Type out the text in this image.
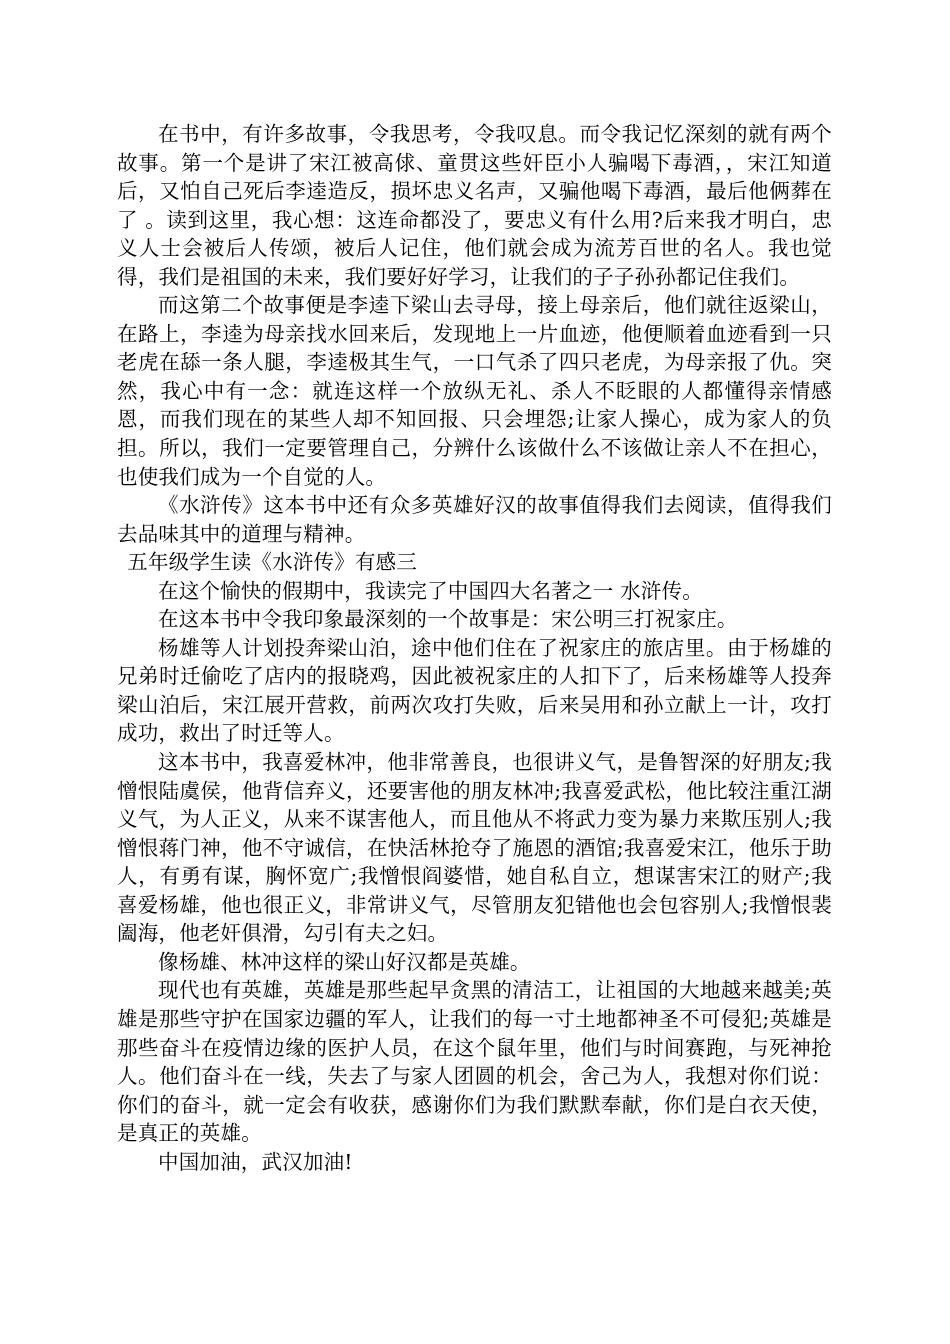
在书中，有许多故事，令我思考，令我叹息。而令我记忆深刻的就有两个故事。第一个是讲了宋江被高俅、童贯这些奸臣小人骗喝下毒酒，，宋江知道后，又怕自己死后李逵造反，损坏忠义名声，又骗他喝下毒酒，最后他俩葬在了 。读到这里，我心想：这连命都没了，要忠义有什么用?后来我才明白，忠义人士会被后人传颂，被后人记住，他们就会成为流芳百世的名人。我也觉得，我们是祖国的未来，我们要好好学习，让我们的子子孙孙都记住我们。

而这第二个故事便是李逵下梁山去寻母，接上母亲后，他们就往返梁山，在路上，李逵为母亲找水回来后，发现地上一片血迹，他便顺着血迹看到一只老虎在舔一条人腿，李逵极其生气，一口气杀了四只老虎，为母亲报了仇。突然，我心中有一念：就连这样一个放纵无礼、杀人不眨眼的人都懂得亲情感恩，而我们现在的某些人却不知回报、只会埋怨;让家人操心，成为家人的负担。所以，我们一定要管理自己，分辨什么该做什么不该做让亲人不在担心，也使我们成为一个自觉的人。

《水浒传》这本书中还有众多英雄好汉的故事值得我们去阅读，值得我们去品味其中的道理与精神。

五年级学生读《水浒传》有感三

在这个愉快的假期中，我读完了中国四大名著之一 水浒传。

在这本书中令我印象最深刻的一个故事是：宋公明三打祝家庄。

杨雄等人计划投奔梁山泊，途中他们住在了祝家庄的旅店里。由于杨雄的兄弟时迁偷吃了店内的报晓鸡，因此被祝家庄的人扣下了，后来杨雄等人投奔梁山泊后，宋江展开营救，前两次攻打失败，后来吴用和孙立献上一计，攻打成功，救出了时迁等人。

这本书中，我喜爱林冲，他非常善良，也很讲义气，是鲁智深的好朋友;我憎恨陆虞侯，他背信弃义，还要害他的朋友林冲;我喜爱武松，他比较注重江湖义气，为人正义，从来不谋害他人，而且他从不将武力变为暴力来欺压别人;我憎恨蒋门神，他不守诚信，在快活林抢夺了施恩的酒馆;我喜爱宋江，他乐于助人，有勇有谋，胸怀宽广;我憎恨阎婆惜，她自私自立，想谋害宋江的财产;我喜爱杨雄，他也很正义，非常讲义气，尽管朋友犯错他也会包容别人;我憎恨裴阖海，他老奸俱滑，勾引有夫之妇。

像杨雄、林冲这样的梁山好汉都是英雄。

现代也有英雄，英雄是那些起早贪黑的清洁工，让祖国的大地越来越美;英雄是那些守护在国家边疆的军人，让我们的每一寸土地都神圣不可侵犯;英雄是那些奋斗在疫情边缘的医护人员，在这个鼠年里，他们与时间赛跑，与死神抢人。他们奋斗在一线，失去了与家人团圆的机会，舍己为人，我想对你们说： 你们的奋斗，就一定会有收获，感谢你们为我们默默奉献，你们是白衣天使，是真正的英雄。

中国加油，武汉加油!
